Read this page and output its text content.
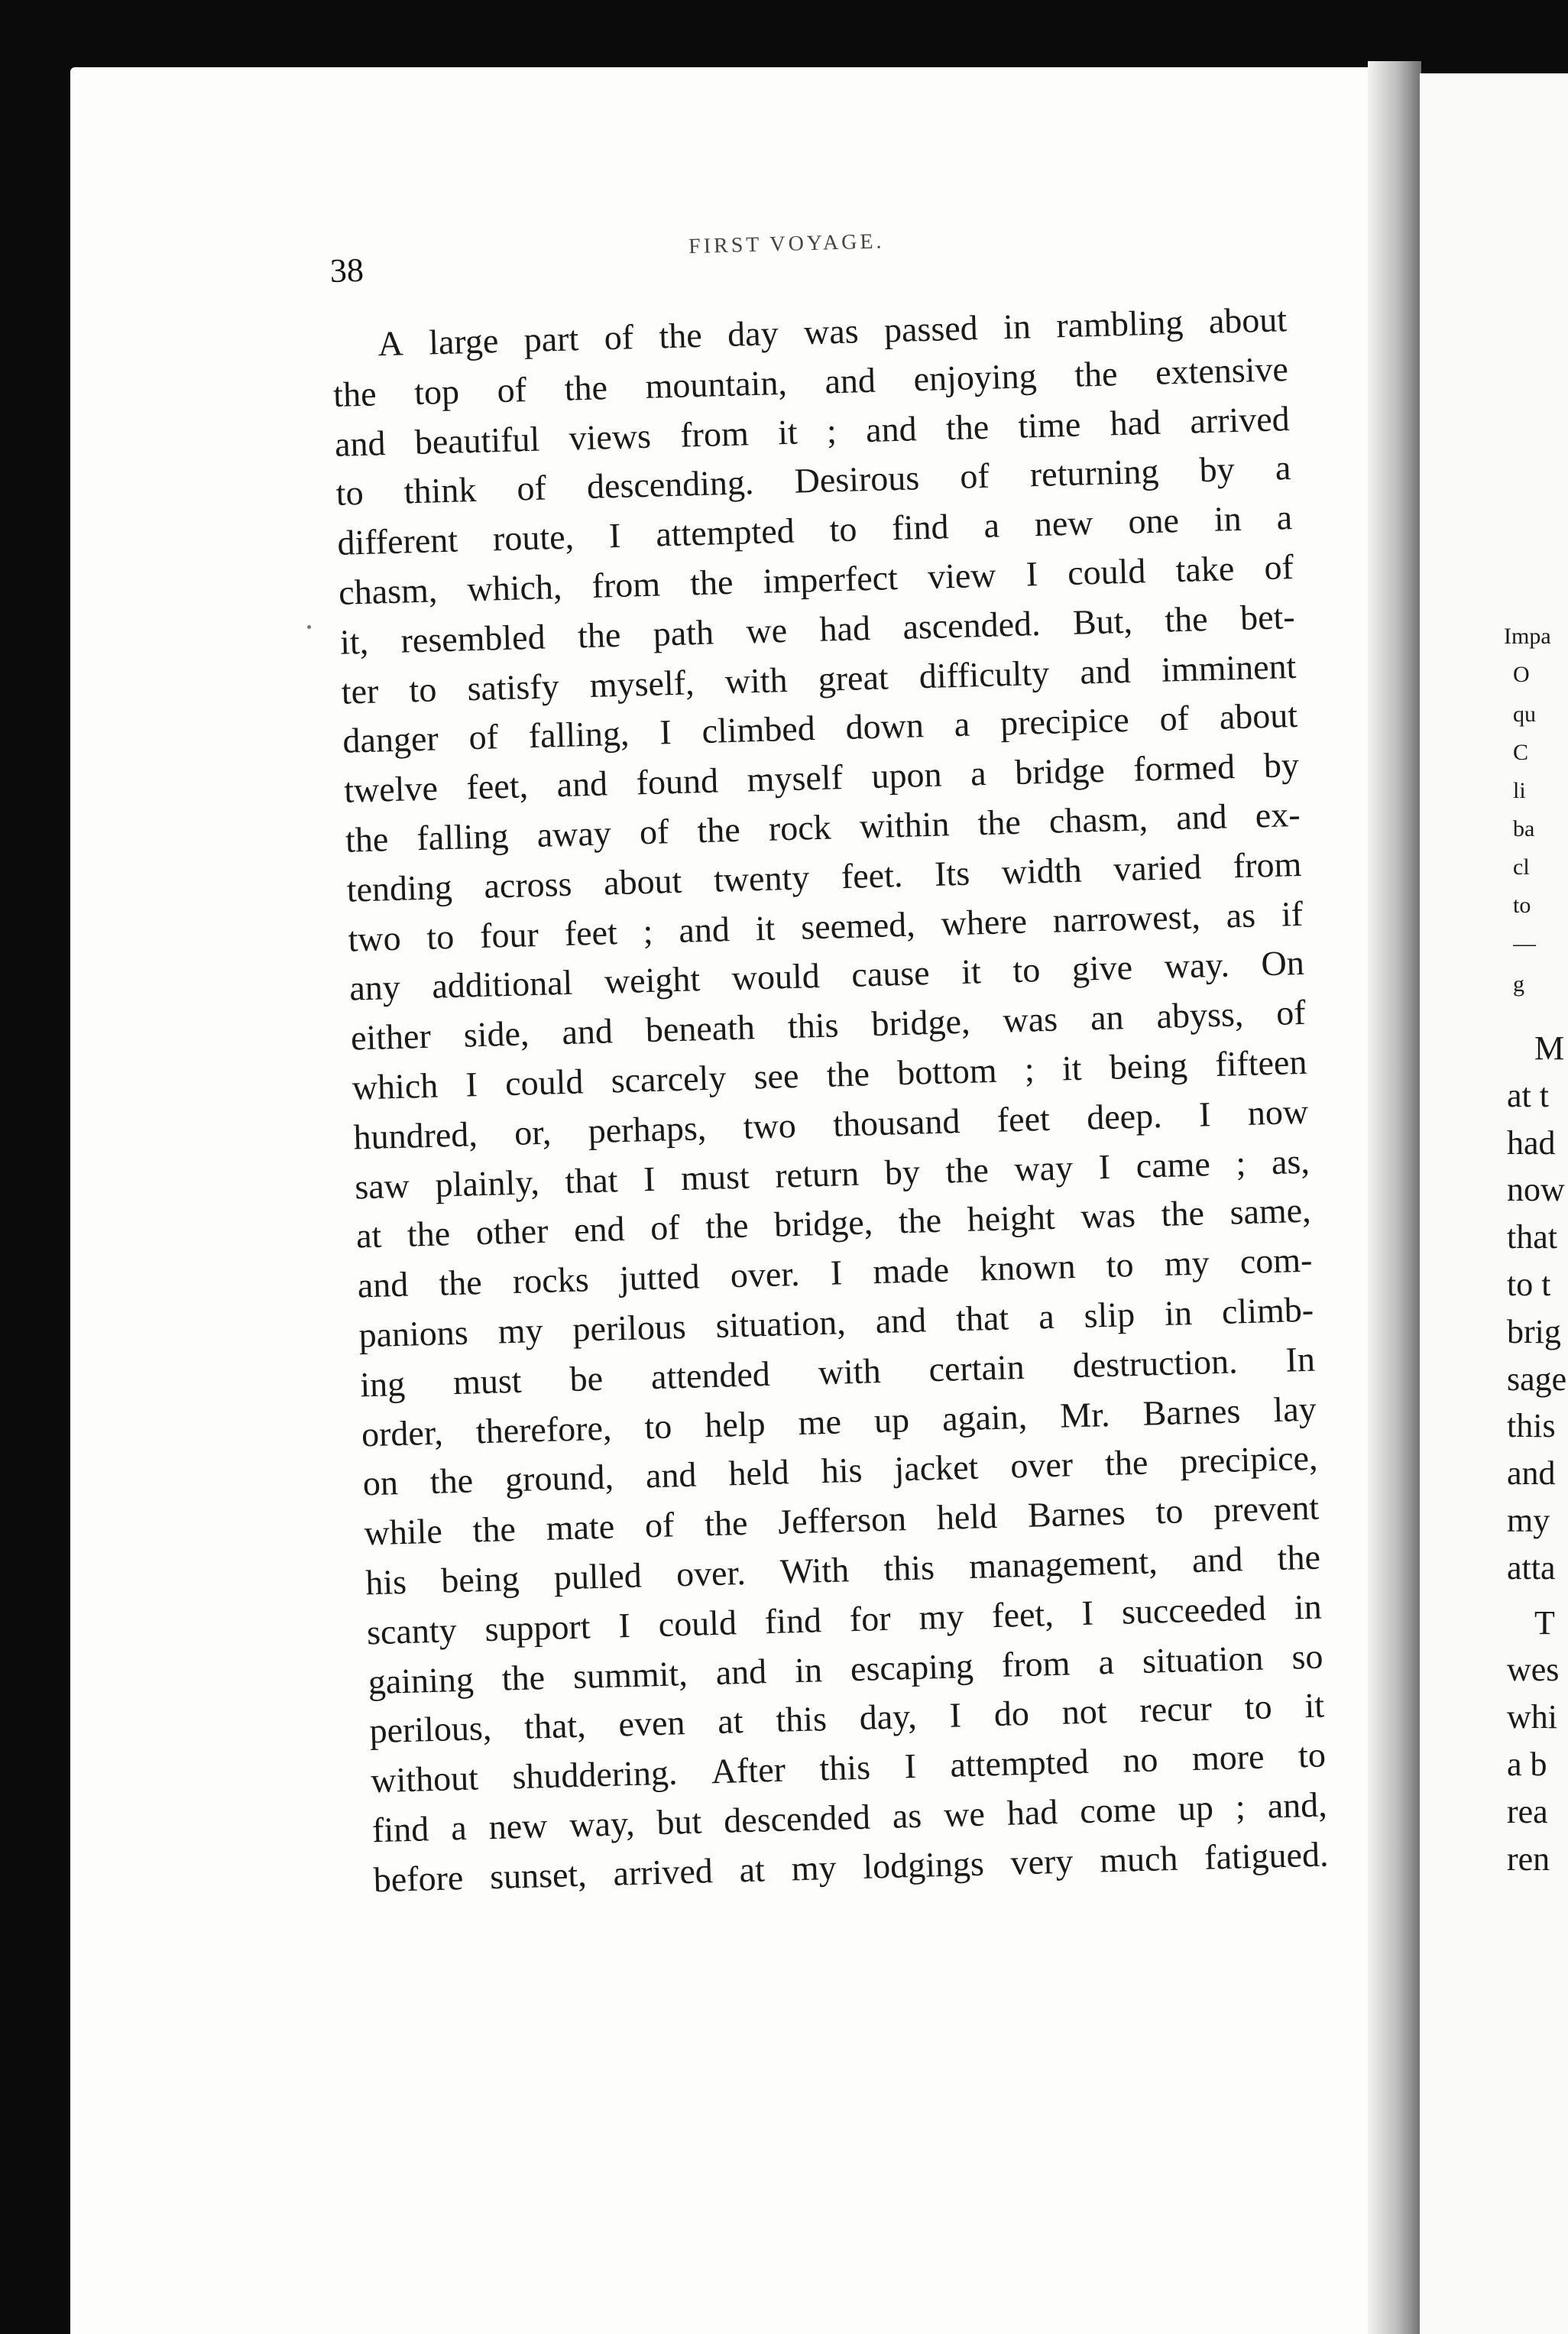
Impa
O
qu
C
li
ba
cl
to
—
g
M
at t
had
now
that
to t
brig
sage
this
and
my
atta
T
wes
whi
a b
rea
ren
38
FIRST VOYAGE.
A large part of the day was passed in rambling about
the top of the mountain, and enjoying the extensive
and beautiful views from it ; and the time had arrived
to think of descending. Desirous of returning by a
different route, I attempted to find a new one in a
chasm, which, from the imperfect view I could take of
it, resembled the path we had ascended. But, the bet-
ter to satisfy myself, with great difficulty and imminent
danger of falling, I climbed down a precipice of about
twelve feet, and found myself upon a bridge formed by
the falling away of the rock within the chasm, and ex-
tending across about twenty feet. Its width varied from
two to four feet ; and it seemed, where narrowest, as if
any additional weight would cause it to give way. On
either side, and beneath this bridge, was an abyss, of
which I could scarcely see the bottom ; it being fifteen
hundred, or, perhaps, two thousand feet deep. I now
saw plainly, that I must return by the way I came ; as,
at the other end of the bridge, the height was the same,
and the rocks jutted over. I made known to my com-
panions my perilous situation, and that a slip in climb-
ing must be attended with certain destruction. In
order, therefore, to help me up again, Mr. Barnes lay
on the ground, and held his jacket over the precipice,
while the mate of the Jefferson held Barnes to prevent
his being pulled over. With this management, and the
scanty support I could find for my feet, I succeeded in
gaining the summit, and in escaping from a situation so
perilous, that, even at this day, I do not recur to it
without shuddering. After this I attempted no more to
find a new way, but descended as we had come up ; and,
before sunset, arrived at my lodgings very much fatigued.
